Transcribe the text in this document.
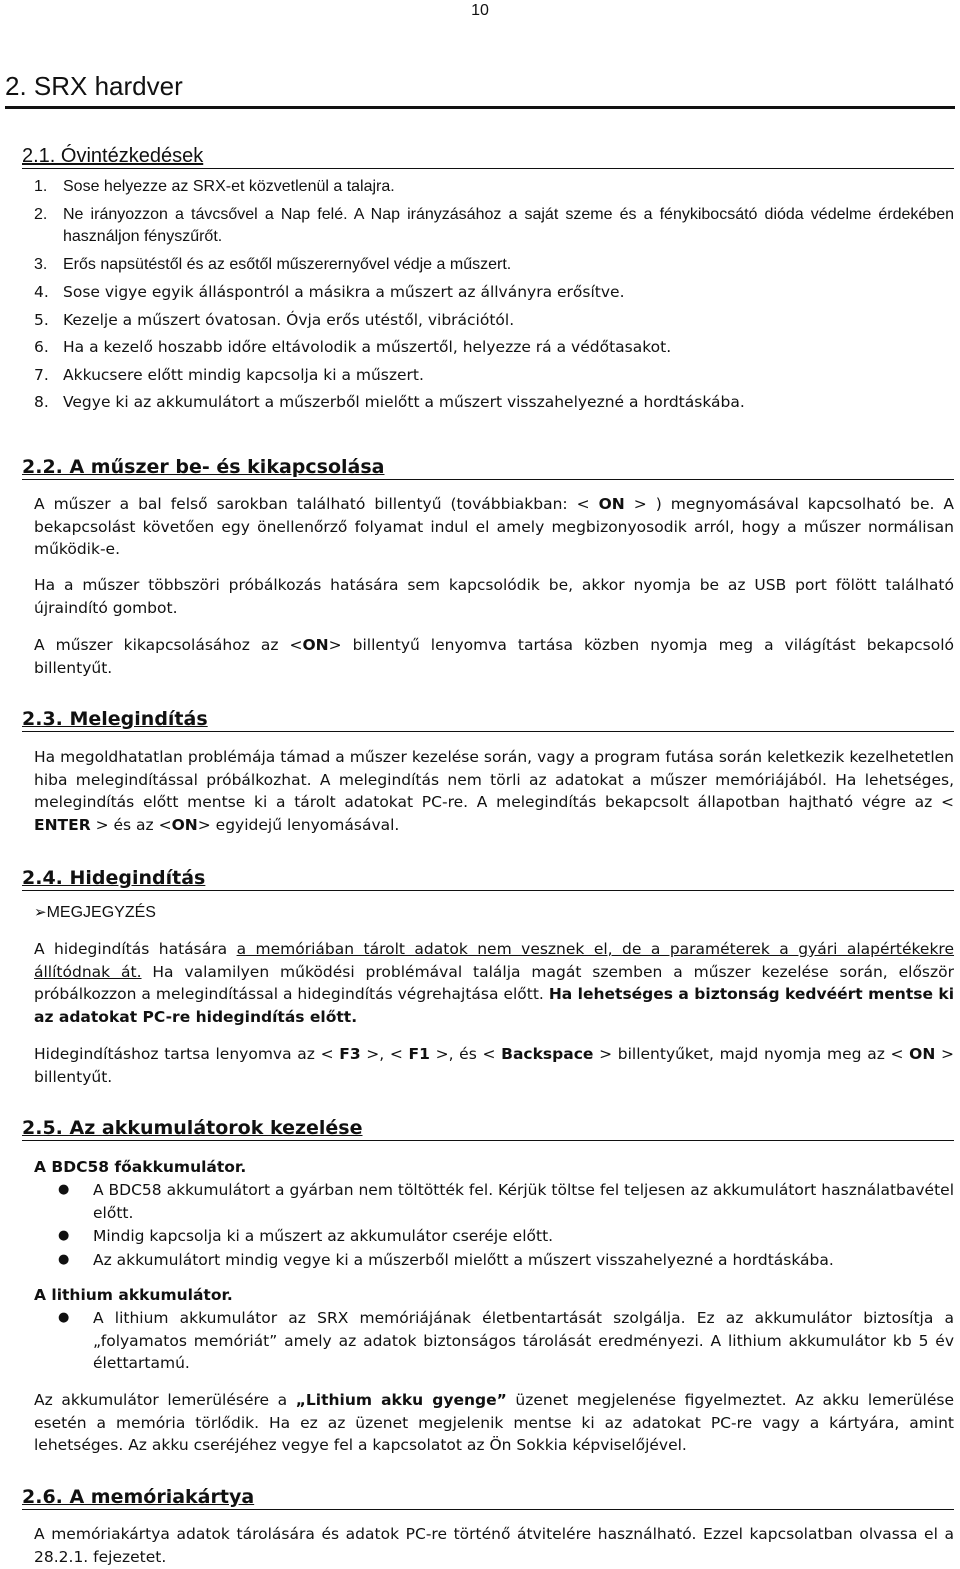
10
2. SRX hardver
2.1. Óvintézkedések
1. Sose helyezze az SRX-et közvetlenül a talajra.
2. Ne irányozzon a távcsővel a Nap felé. A Nap irányzásához a saját szeme és a fénykibocsátó dióda védelme érdekében használjon fényszűrőt.
3. Erős napsütéstől és az esőtől műszerernyővel védje a műszert.
4. Sose vigye egyik álláspontról a másikra a műszert az állványra erősítve.
5. Kezelje a műszert óvatosan. Óvja erős utéstől, vibrációtól.
6. Ha a kezelő hoszabb időre eltávolodik a műszertől, helyezze rá a védőtasakot.
7. Akkucsere előtt mindig kapcsolja ki a műszert.
8. Vegye ki az akkumulátort a műszerből mielőtt a műszert visszahelyezné a hordtáskába.
2.2. A műszer be- és kikapcsolása

A műszer a bal felső sarokban található billentyű (továbbiakban: < ON > ) megnyomásával kapcsolható be. A bekapcsolást követően egy önellenőrző folyamat indul el amely megbizonyosodik arról, hogy a műszer normálisan működik-e.

Ha a műszer többszöri próbálkozás hatására sem kapcsolódik be, akkor nyomja be az USB port fölött található újraindító gombot.

A műszer kikapcsolásához az <ON> billentyű lenyomva tartása közben nyomja meg a világítást bekapcsoló billentyűt.

2.3. Melegindítás

Ha megoldhatatlan problémája támad a műszer kezelése során, vagy a program futása során keletkezik kezelhetetlen hiba melegindítással próbálkozhat. A melegindítás nem törli az adatokat a műszer memóriájából. Ha lehetséges, melegindítás előtt mentse ki a tárolt adatokat PC-re. A melegindítás bekapcsolt állapotban hajtható végre az < ENTER > és az <ON> egyidejű lenyomásával.

2.4. Hidegindítás
➢MEGJEGYZÉS

A hidegindítás hatására a memóriában tárolt adatok nem vesznek el, de a paraméterek a gyári alapértékekre állítódnak át. Ha valamilyen működési problémával találja magát szemben a műszer kezelése során, először próbálkozzon a melegindítással a hidegindítás végrehajtása előtt. Ha lehetséges a biztonság kedvéért mentse ki az adatokat PC-re hidegindítás előtt.

Hidegindításhoz tartsa lenyomva az < F3 >, < F1 >, és < Backspace > billentyűket, majd nyomja meg az < ON > billentyűt.

2.5. Az akkumulátorok kezelése
A BDC58 főakkumulátor.
●	A BDC58 akkumulátort a gyárban nem töltötték fel. Kérjük töltse fel teljesen az akkumulátort használatbavétel előtt.
●	Mindig kapcsolja ki a műszert az akkumulátor cseréje előtt.
●	Az akkumulátort mindig vegye ki a műszerből mielőtt a műszert visszahelyezné a hordtáskába.
A lithium akkumulátor.
●	A lithium akkumulátor az SRX memóriájának életbentartását szolgálja. Ez az akkumulátor biztosítja a „folyamatos memóriát” amely az adatok biztonságos tárolását eredményezi. A lithium akkumulátor kb 5 év élettartamú.

Az akkumulátor lemerülésére a „Lithium akku gyenge” üzenet megjelenése figyelmeztet. Az akku lemerülése esetén a memória törlődik. Ha ez az üzenet megjelenik mentse ki az adatokat PC-re vagy a kártyára, amint lehetséges. Az akku cseréjéhez vegye fel a kapcsolatot az Ön Sokkia képviselőjével.

2.6. A memóriakártya

A memóriakártya adatok tárolására és adatok PC-re történő átvitelére használható. Ezzel kapcsolatban olvassa el a 28.2.1. fejezetet.
